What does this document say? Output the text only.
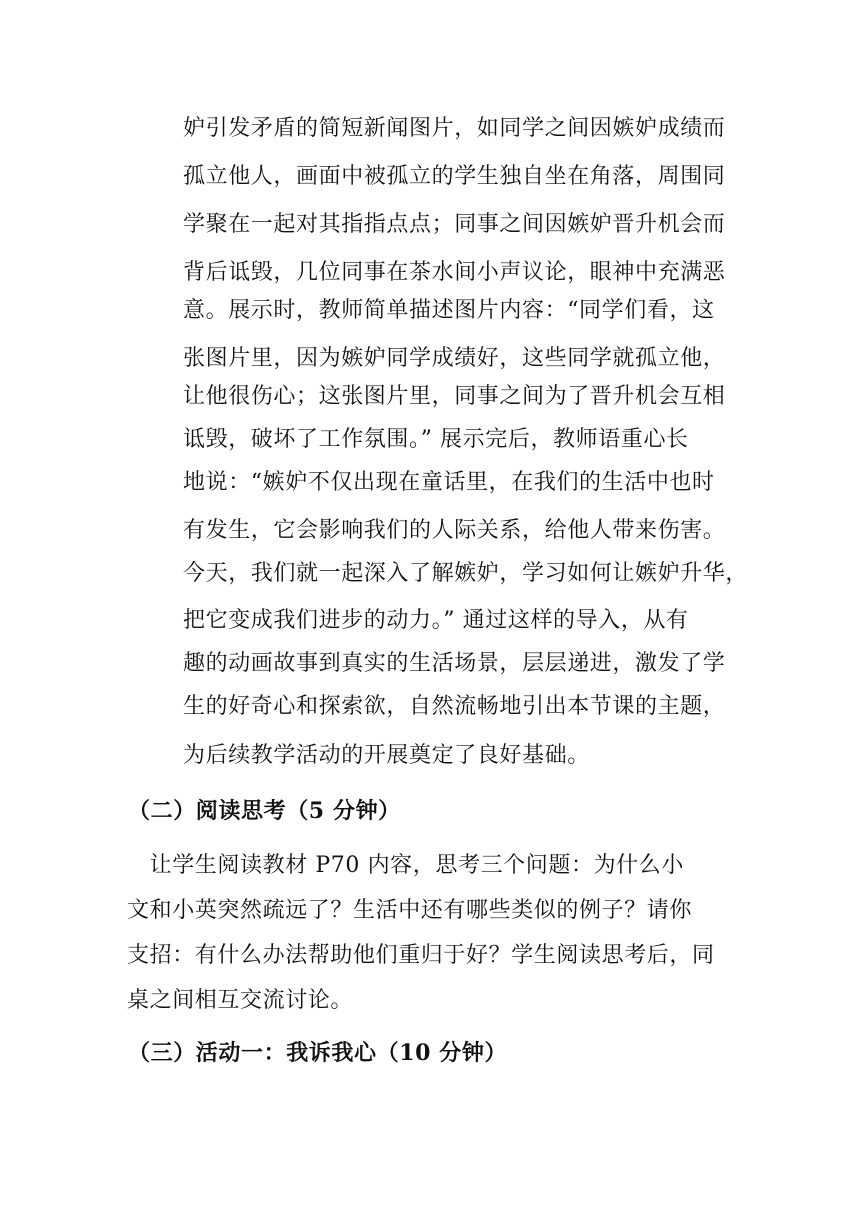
妒引发矛盾的简短新闻图片，如同学之间因嫉妒成绩而
孤立他人，画面中被孤立的学生独自坐在角落，周围同
学聚在一起对其指指点点；同事之间因嫉妒晋升机会而
背后诋毁，几位同事在茶水间小声议论，眼神中充满恶
意。展示时，教师简单描述图片内容：“同学们看，这
张图片里，因为嫉妒同学成绩好，这些同学就孤立他，
让他很伤心；这张图片里，同事之间为了晋升机会互相
诋毁，破坏了工作氛围。” 展示完后，教师语重心长
地说：“嫉妒不仅出现在童话里，在我们的生活中也时
有发生，它会影响我们的人际关系，给他人带来伤害。
今天，我们就一起深入了解嫉妒，学习如何让嫉妒升华，
把它变成我们进步的动力。” 通过这样的导入，从有
趣的动画故事到真实的生活场景，层层递进，激发了学
生的好奇心和探索欲，自然流畅地引出本节课的主题，
为后续教学活动的开展奠定了良好基础。
（二）阅读思考（5 分钟）
　让学生阅读教材 P70 内容，思考三个问题：为什么小
文和小英突然疏远了？生活中还有哪些类似的例子？请你
支招：有什么办法帮助他们重归于好？学生阅读思考后，同
桌之间相互交流讨论。
（三）活动一：我诉我心（10 分钟）
